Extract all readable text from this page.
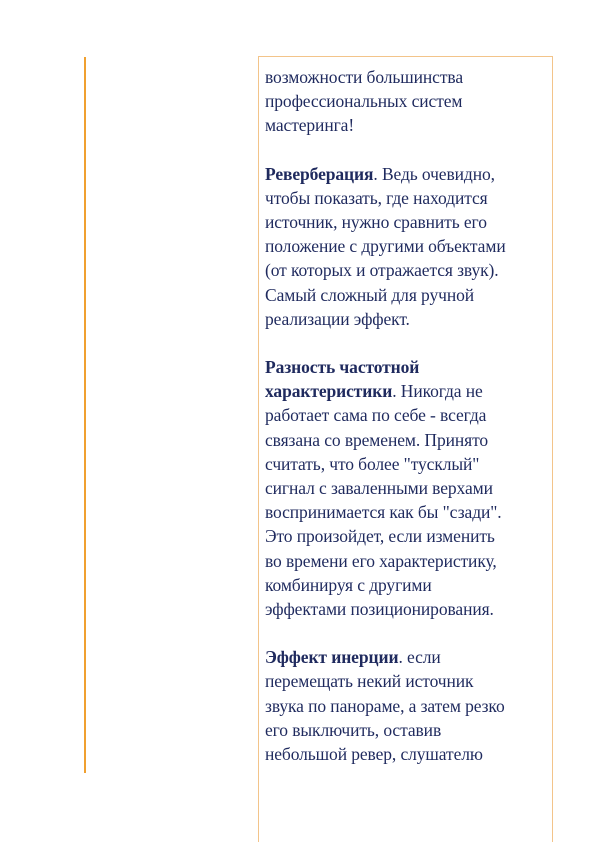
возможности большинства
профессиональных систем
мастеринга!

Реверберация. Ведь очевидно,
чтобы показать, где находится
источник, нужно сравнить его
положение с другими объектами
(от которых и отражается звук).
Самый сложный для ручной
реализации эффект.

Разность частотной
характеристики. Никогда не
работает сама по себе - всегда
связана со временем. Принято
считать, что более "тусклый"
сигнал с заваленными верхами
воспринимается как бы "сзади".
Это произойдет, если изменить
во времени его характеристику,
комбинируя с другими
эффектами позиционирования.

Эффект инерции. если
перемещать некий источник
звука по панораме, а затем резко
его выключить, оставив
небольшой ревер, слушателю
